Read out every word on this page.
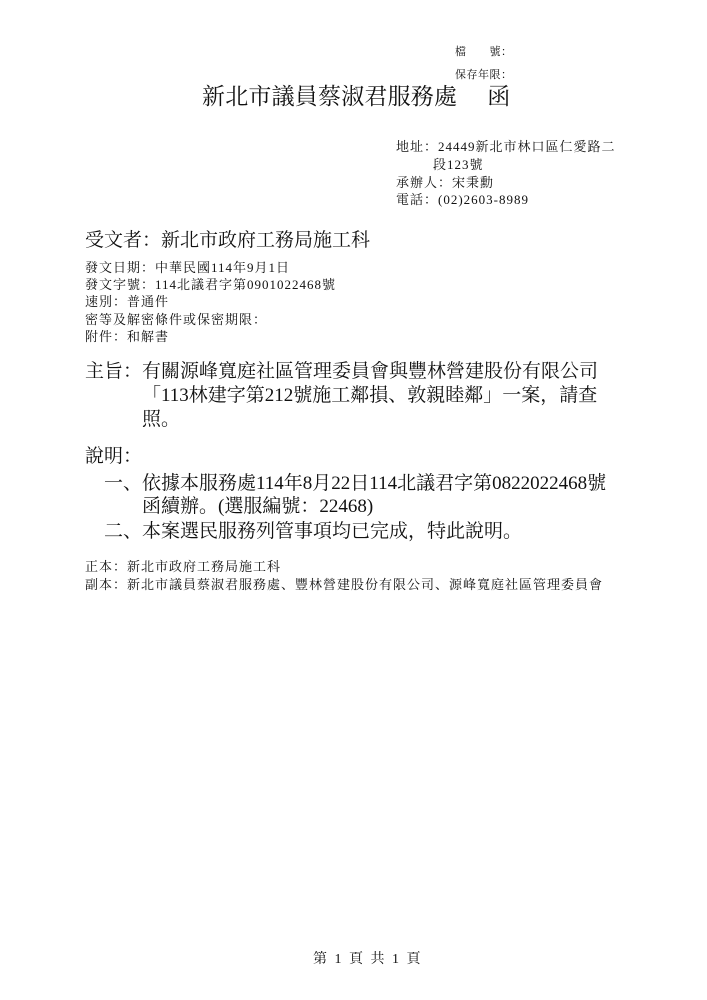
檔　　號：
保存年限：
新北市議員蔡淑君服務處 函
地址：24449新北市林口區仁愛路二
段123號
承辦人：宋秉勳
電話：(02)2603-8989
受文者：新北市政府工務局施工科
發文日期：中華民國114年9月1日
發文字號：114北議君字第0901022468號
速別：普通件
密等及解密條件或保密期限：
附件：和解書
主旨：有關源峰寬庭社區管理委員會與豐林營建股份有限公司
「113林建字第212號施工鄰損、敦親睦鄰」一案，請查
照。
說明：
一、依據本服務處114年8月22日114北議君字第0822022468號
函續辦。(選服編號：22468)
二、本案選民服務列管事項均已完成，特此說明。
正本：新北市政府工務局施工科
副本：新北市議員蔡淑君服務處、豐林營建股份有限公司、源峰寬庭社區管理委員會
第 1 頁 共 1 頁
